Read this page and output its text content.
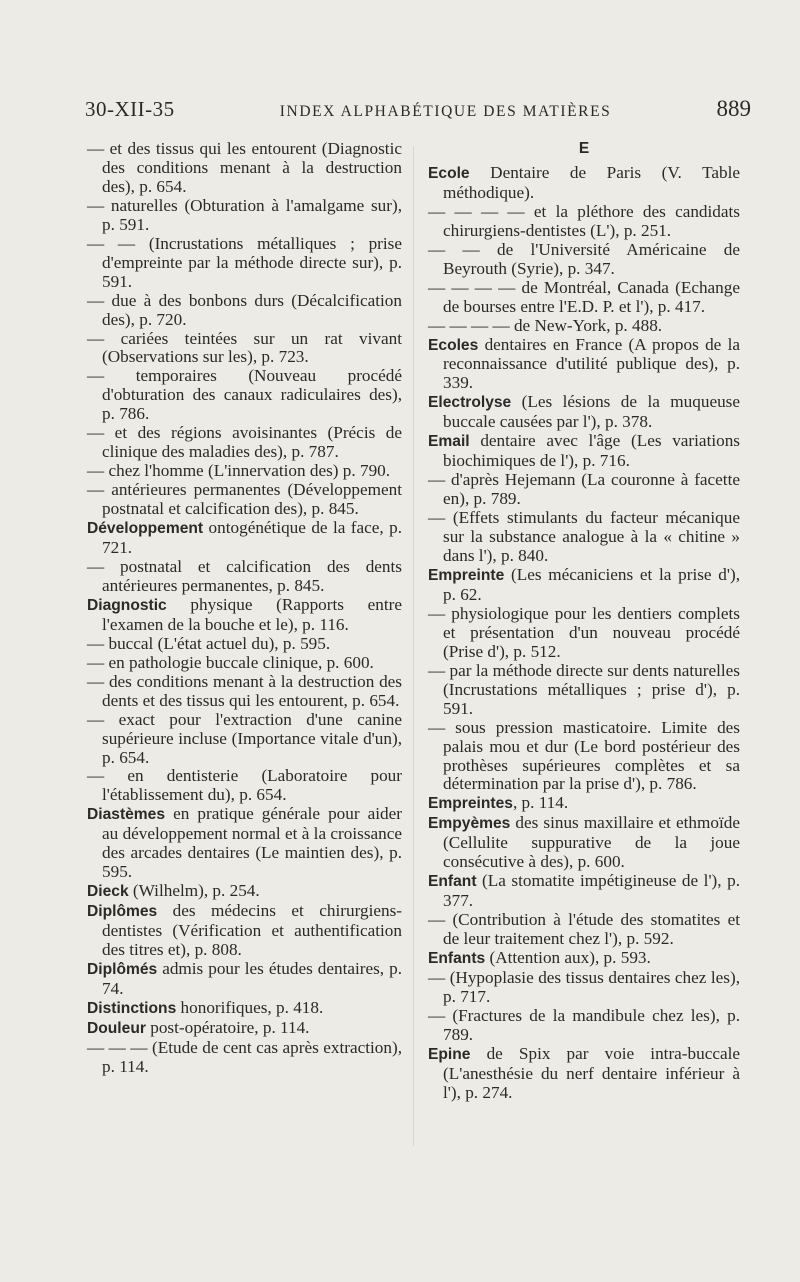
30-XII-35	INDEX ALPHABÉTIQUE DES MATIÈRES	889

— et des tissus qui les entourent (Diagnostic des conditions menant à la destruction des), p. 654.

— naturelles (Obturation à l'amalgame sur), p. 591.

— — (Incrustations métalliques ; prise d'empreinte par la méthode directe sur), p. 591.

— due à des bonbons durs (Décalcification des), p. 720.

— cariées teintées sur un rat vivant (Observations sur les), p. 723.

— temporaires (Nouveau procédé d'obturation des canaux radiculaires des), p. 786.

— et des régions avoisinantes (Précis de clinique des maladies des), p. 787.

— chez l'homme (L'innervation des) p. 790.

— antérieures permanentes (Développement postnatal et calcification des), p. 845.

Développement ontogénétique de la face, p. 721.

— postnatal et calcification des dents antérieures permanentes, p. 845.

Diagnostic physique (Rapports entre l'examen de la bouche et le), p. 116.

— buccal (L'état actuel du), p. 595.

— en pathologie buccale clinique, p. 600.

— des conditions menant à la destruction des dents et des tissus qui les entourent, p. 654.

— exact pour l'extraction d'une canine supérieure incluse (Importance vitale d'un), p. 654.

— en dentisterie (Laboratoire pour l'établissement du), p. 654.

Diastèmes en pratique générale pour aider au développement normal et à la croissance des arcades dentaires (Le maintien des), p. 595.

Dieck (Wilhelm), p. 254.

Diplômes des médecins et chirurgiens-dentistes (Vérification et authentification des titres et), p. 808.

Diplômés admis pour les études dentaires, p. 74.

Distinctions honorifiques, p. 418.

Douleur post-opératoire, p. 114.

— — — (Etude de cent cas après extraction), p. 114.

E

Ecole Dentaire de Paris (V. Table méthodique).

— — — — et la pléthore des candidats chirurgiens-dentistes (L'), p. 251.

— — de l'Université Américaine de Beyrouth (Syrie), p. 347.

— — — — de Montréal, Canada (Echange de bourses entre l'E.D. P. et l'), p. 417.

— — — — de New-York, p. 488.

Ecoles dentaires en France (A propos de la reconnaissance d'utilité publique des), p. 339.

Electrolyse (Les lésions de la muqueuse buccale causées par l'), p. 378.

Email dentaire avec l'âge (Les variations biochimiques de l'), p. 716.

— d'après Hejemann (La couronne à facette en), p. 789.

— (Effets stimulants du facteur mécanique sur la substance analogue à la « chitine » dans l'), p. 840.

Empreinte (Les mécaniciens et la prise d'), p. 62.

— physiologique pour les dentiers complets et présentation d'un nouveau procédé (Prise d'), p. 512.

— par la méthode directe sur dents naturelles (Incrustations métalliques ; prise d'), p. 591.

— sous pression masticatoire. Limite des palais mou et dur (Le bord postérieur des prothèses supérieures complètes et sa détermination par la prise d'), p. 786.

Empreintes, p. 114.

Empyèmes des sinus maxillaire et ethmoïde (Cellulite suppurative de la joue consécutive à des), p. 600.

Enfant (La stomatite impétigineuse de l'), p. 377.

— (Contribution à l'étude des stomatites et de leur traitement chez l'), p. 592.

Enfants (Attention aux), p. 593.

— (Hypoplasie des tissus dentaires chez les), p. 717.

— (Fractures de la mandibule chez les), p. 789.

Epine de Spix par voie intra-buccale (L'anesthésie du nerf dentaire inférieur à l'), p. 274.
